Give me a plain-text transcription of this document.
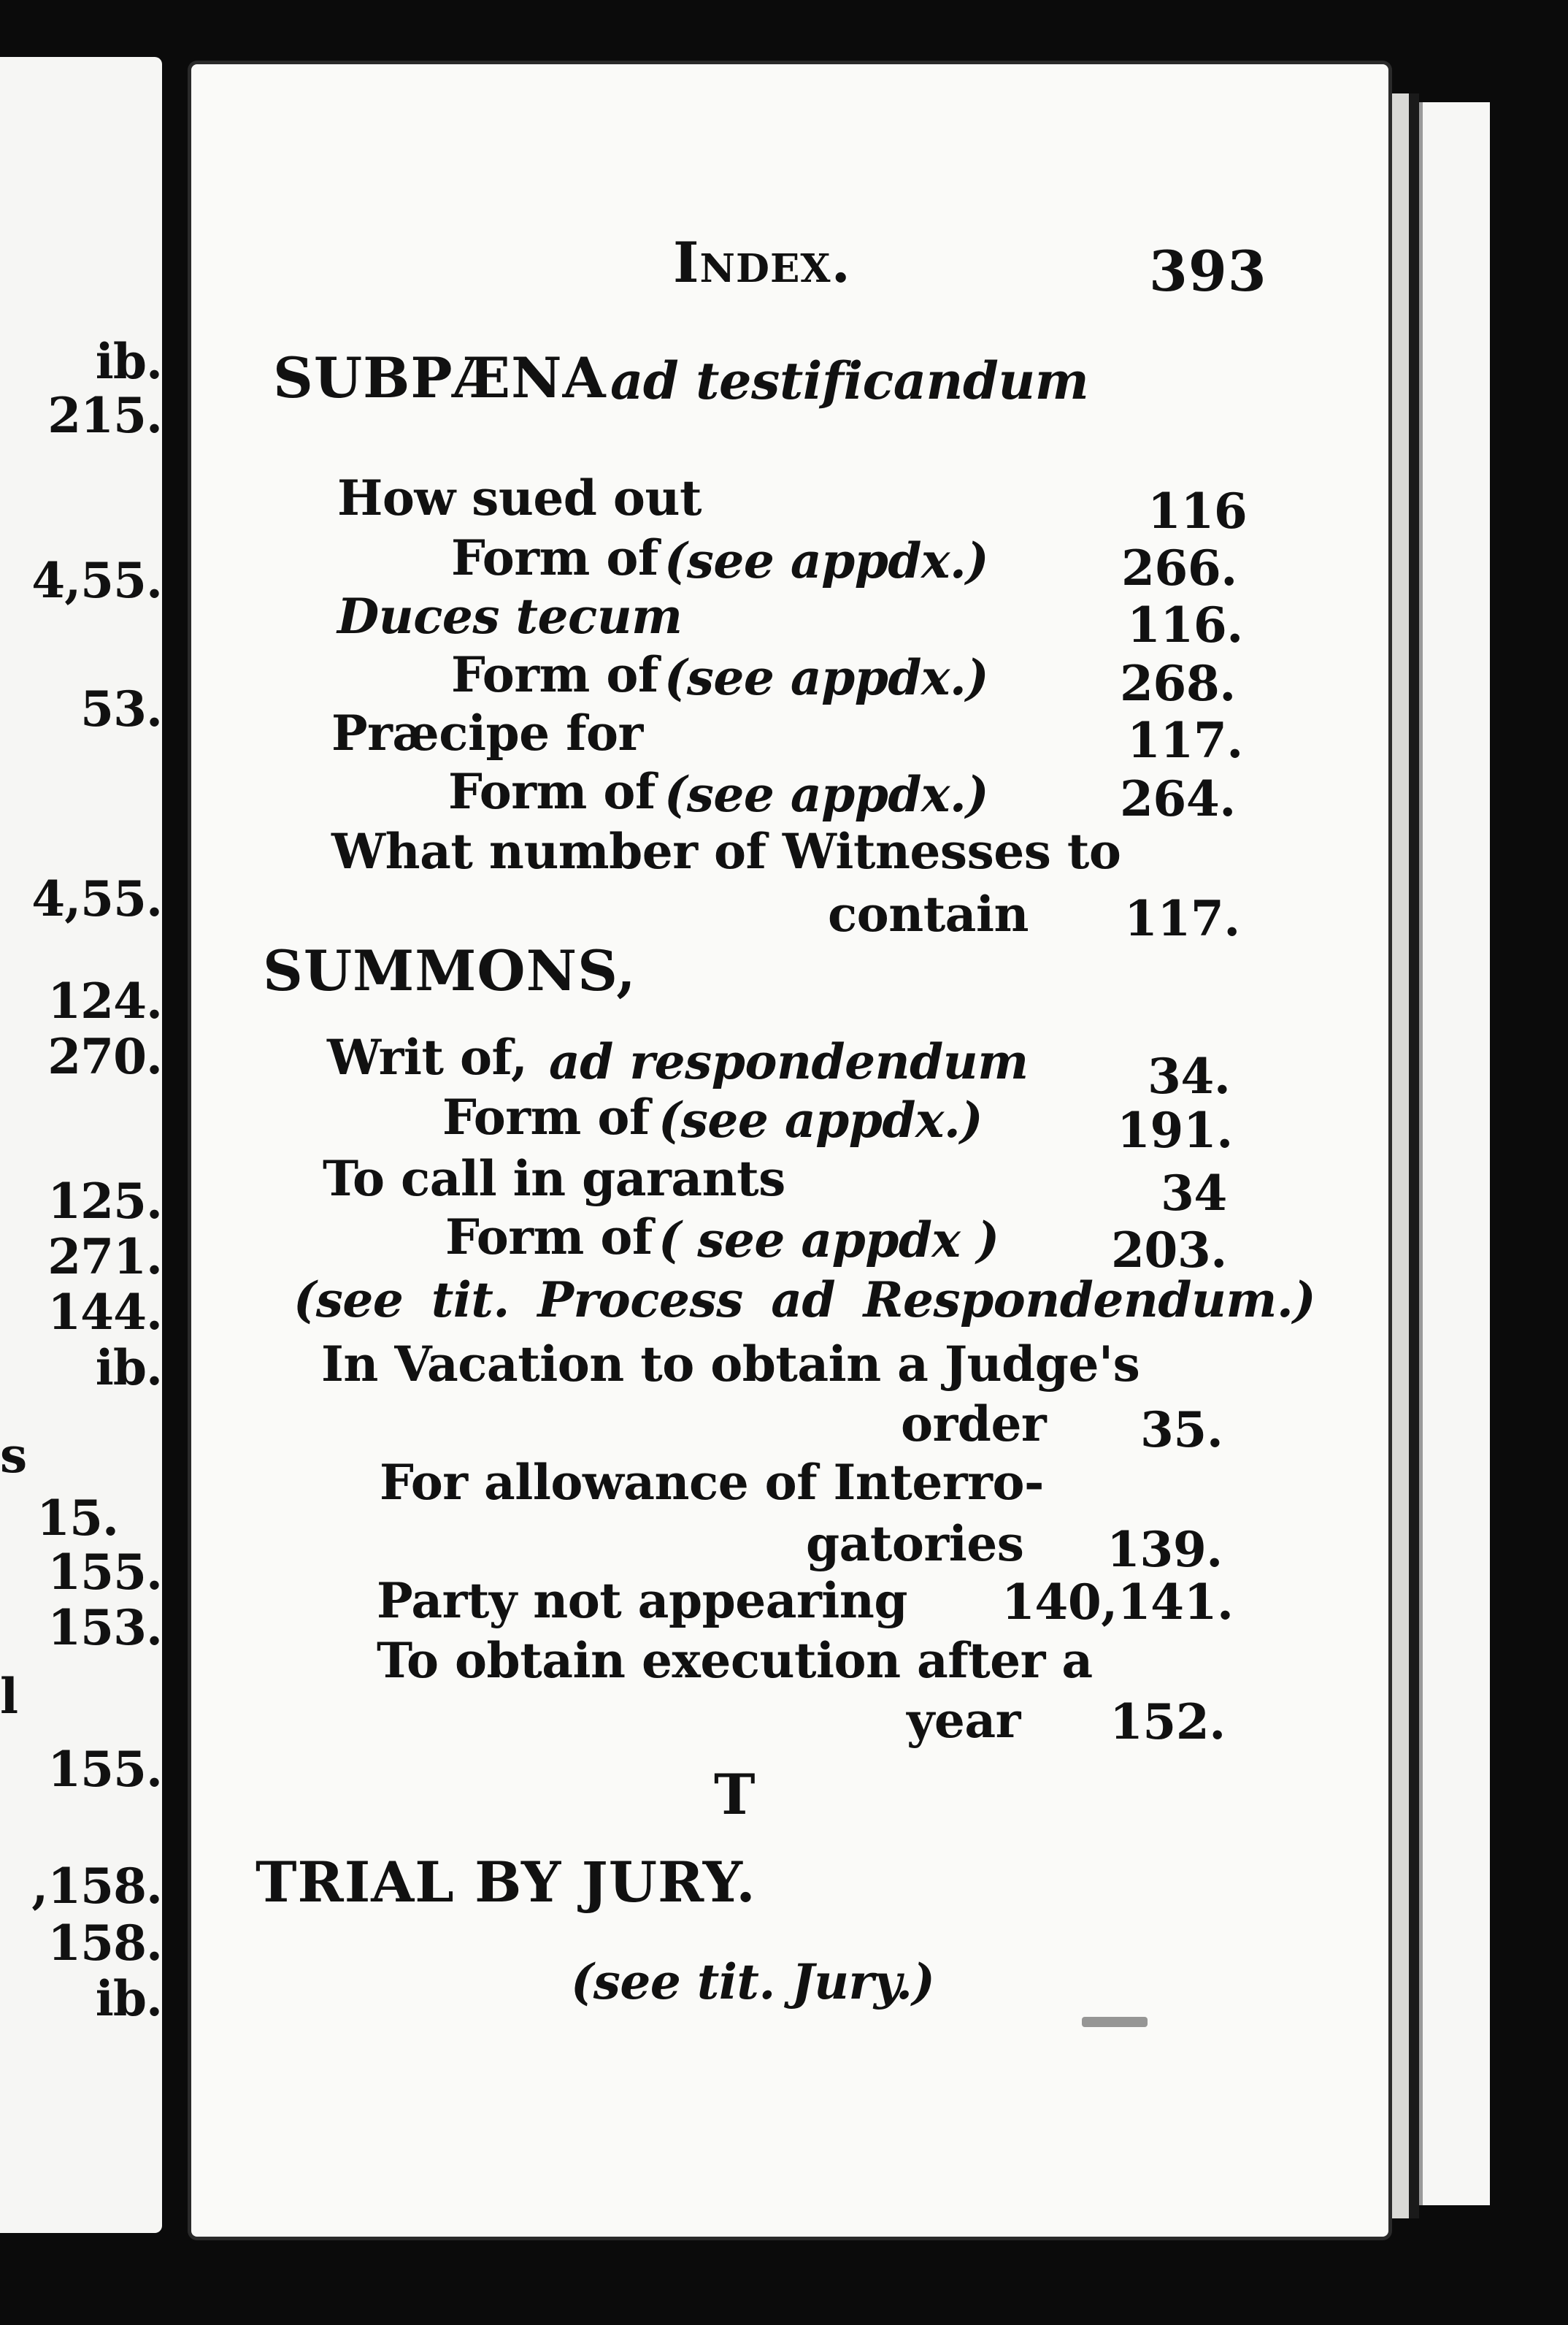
ib.
215.
4,55.
53.
4,55.
124.
270.
125.
271.
144.
ib.
s
15.
155.
153.
l
155.
,158.
158.
ib.
Index.	393
SUBPÆNA ad testificandum
How sued out	116
Form of (see appdx.)	266.
Duces tecum	116.
Form of (see appdx.)	268.
Præcipe for	117.
Form of (see appdx.)	264.
What number of Witnesses to
contain 117.
SUMMONS,
Writ of, ad respondendum 34.
Form of (see appdx.)	191.
To call in garants	34
Form of ( see appdx ) 203.
(see tit. Process ad Respondendum.)
In Vacation to obtain a Judge's
order 35.
For allowance of Interro-
gatories 139.
Party not appearing 140,141.
To obtain execution after a
year 152.
T
TRIAL BY JURY.
(see tit. Jury.)
